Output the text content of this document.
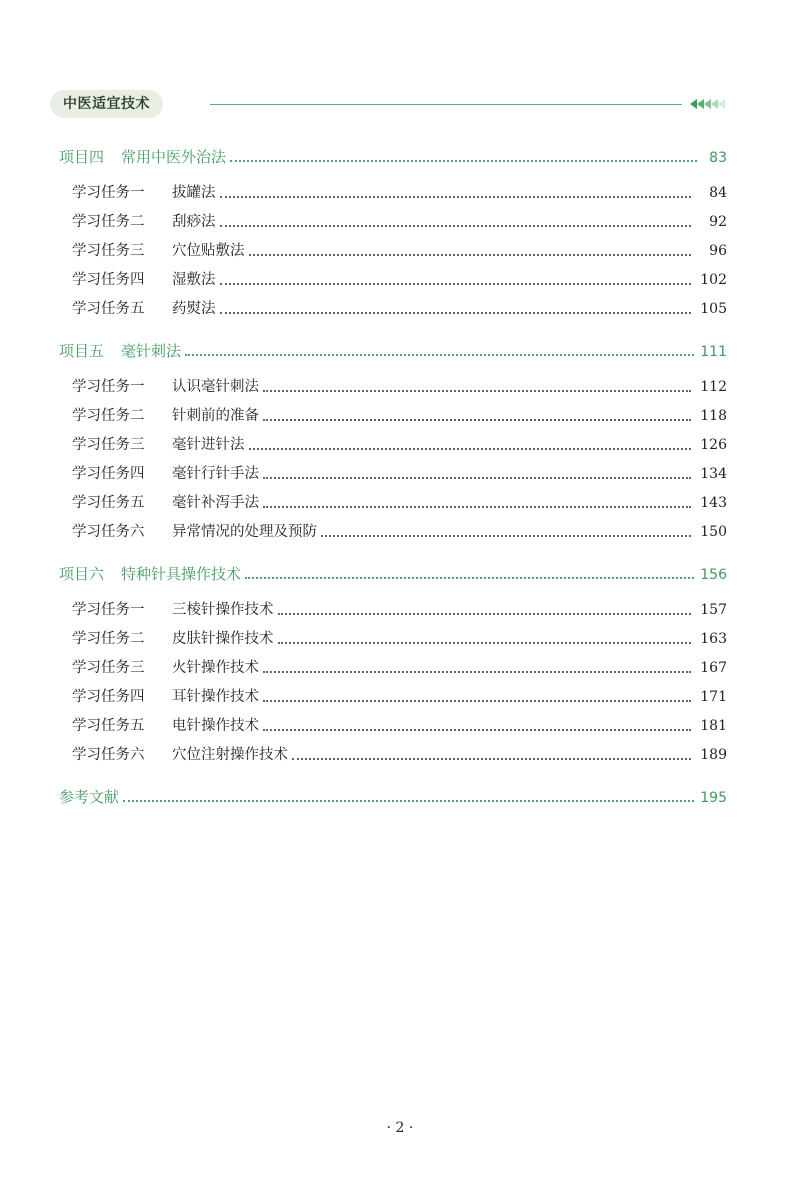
中医适宜技术
项目四 常用中医外治法	83
学习任务一	拔罐法	84
学习任务二	刮痧法	92
学习任务三	穴位贴敷法	96
学习任务四	湿敷法	102
学习任务五	药熨法	105
项目五 毫针刺法	111
学习任务一	认识毫针刺法	112
学习任务二	针刺前的准备	118
学习任务三	毫针进针法	126
学习任务四	毫针行针手法	134
学习任务五	毫针补泻手法	143
学习任务六	异常情况的处理及预防	150
项目六 特种针具操作技术	156
学习任务一	三棱针操作技术	157
学习任务二	皮肤针操作技术	163
学习任务三	火针操作技术	167
学习任务四	耳针操作技术	171
学习任务五	电针操作技术	181
学习任务六	穴位注射操作技术	189
参考文献	195
· 2 ·
